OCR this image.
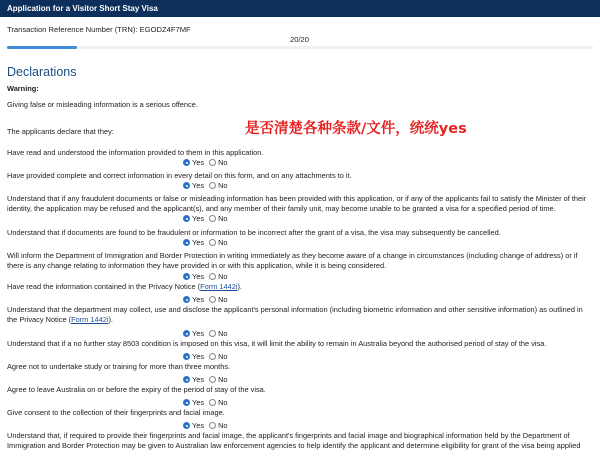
Application for a Visitor Short Stay Visa
Transaction Reference Number (TRN): EGODZ4F7MF
20/20
Declarations
Warning:
Giving false or misleading information is a serious offence.
The applicants declare that they:	是否清楚各种条款/文件，统统yes
Have read and understood the information provided to them in this application.
Yes No
Have provided complete and correct information in every detail on this form, and on any attachments to it.
Yes No
Understand that if any fraudulent documents or false or misleading information has been provided with this application, or if any of the applicants fail to satisfy the Minister of their identity, the application may be refused and the applicant(s), and any member of their family unit, may become unable to be granted a visa for a specified period of time.
Yes No
Understand that if documents are found to be fraudulent or information to be incorrect after the grant of a visa, the visa may subsequently be cancelled.
Yes No
Will inform the Department of Immigration and Border Protection in writing immediately as they become aware of a change in circumstances (including change of address) or if there is any change relating to information they have provided in or with this application, while it is being considered.
Yes No
Have read the information contained in the Privacy Notice (Form 1442i).
Yes No
Understand that the department may collect, use and disclose the applicant's personal information (including biometric information and other sensitive information) as outlined in the Privacy Notice (Form 1442i).
Yes No
Understand that if a no further stay 8503 condition is imposed on this visa, it will limit the ability to remain in Australia beyond the authorised period of stay of the visa.
Yes No
Agree not to undertake study or training for more than three months.
Yes No
Agree to leave Australia on or before the expiry of the period of stay of the visa.
Yes No
Give consent to the collection of their fingerprints and facial image.
Yes No
Understand that, if required to provide their fingerprints and facial image, the applicant's fingerprints and facial image and biographical information held by the Department of Immigration and Border Protection may be given to Australian law enforcement agencies to help identify the applicant and determine eligibility for grant of the visa being applied
